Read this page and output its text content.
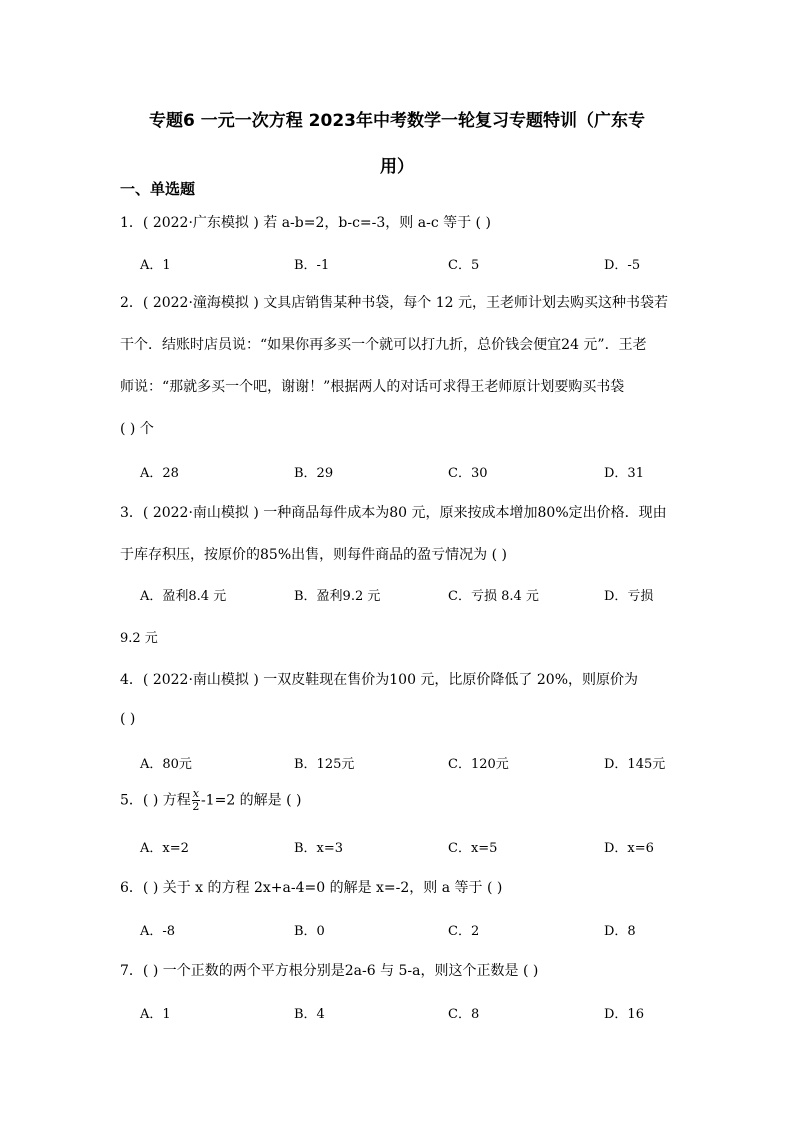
专题6 一元一次方程 2023年中考数学一轮复习专题特训（广东专
用）
一、单选题

1．( 2022·广东模拟 ) 若 a-b=2，b-c=-3，则 a-c 等于 ( )

A．1	B．-1	C．5	D．-5

2．( 2022·潼海模拟 ) 文具店销售某种书袋，每个 12 元，王老师计划去购买这种书袋若

干个．结账时店员说：“如果你再多买一个就可以打九折，总价钱会便宜24 元”．王老

师说：“那就多买一个吧，谢谢！”根据两人的对话可求得王老师原计划要购买书袋

( ) 个

A．28	B．29	C．30	D．31

3．( 2022·南山模拟 ) 一种商品每件成本为80 元，原来按成本增加80%定出价格．现由

于库存积压，按原价的85%出售，则每件商品的盈亏情况为 ( )

A．盈利8.4 元	B．盈利9.2 元	C．亏损 8.4 元	D．亏损

9.2 元

4．( 2022·南山模拟 ) 一双皮鞋现在售价为100 元，比原价降低了 20%，则原价为

( )

A．80元	B．125元	C．120元	D．145元

5．( ) 方程 $\frac{x}{2} -1=2$ 的解是 ( )

A．x=2	B．x=3	C．x=5	D．x=6

6．( ) 关于 x 的方程 2x+a-4=0 的解是 x=-2，则 a 等于 ( )

A．-8	B．0	C．2	D．8

7．( ) 一个正数的两个平方根分别是2a-6 与 5-a，则这个正数是 ( )

A．1	B．4	C．8	D．16
